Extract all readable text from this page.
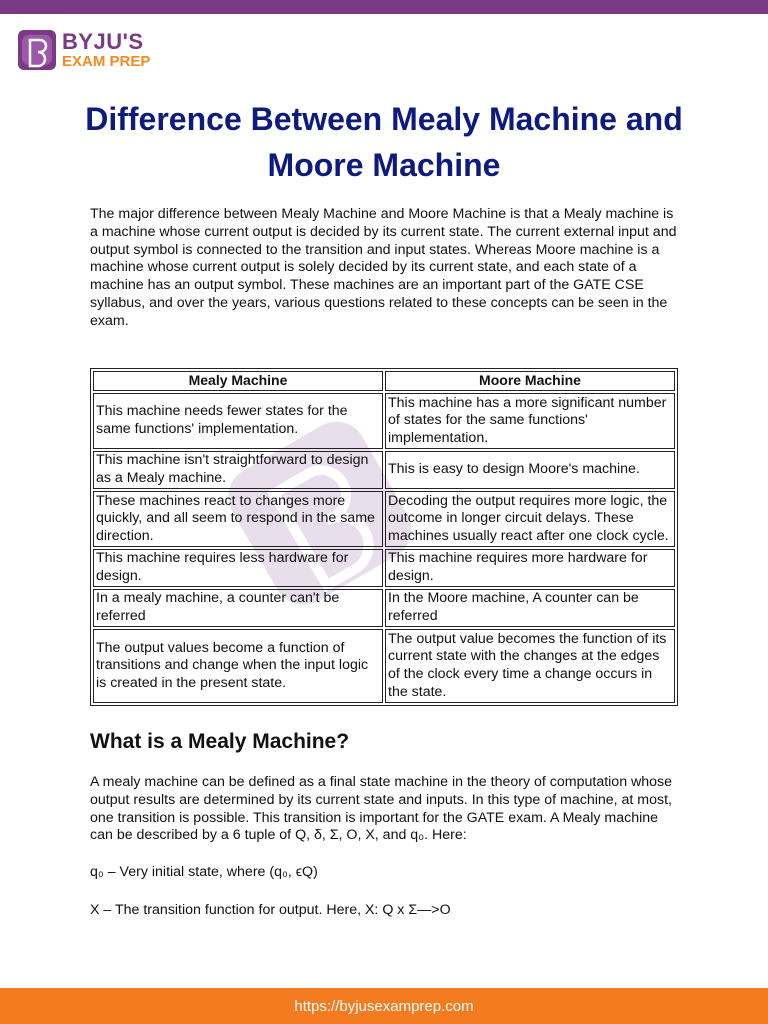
BYJU'S
EXAM PREP
Difference Between Mealy Machine and Moore Machine

The major difference between Mealy Machine and Moore Machine is that a Mealy machine is a machine whose current output is decided by its current state. The current external input and output symbol is connected to the transition and input states. Whereas Moore machine is a machine whose current output is solely decided by its current state, and each state of a machine has an output symbol. These machines are an important part of the GATE CSE syllabus, and over the years, various questions related to these concepts can be seen in the exam.

Mealy Machine	Moore Machine
This machine needs fewer states for the same functions' implementation.	This machine has a more significant number of states for the same functions' implementation.
This machine isn't straightforward to design as a Mealy machine.	This is easy to design Moore's machine.
These machines react to changes more quickly, and all seem to respond in the same direction.	Decoding the output requires more logic, the outcome in longer circuit delays. These machines usually react after one clock cycle.
This machine requires less hardware for design.	This machine requires more hardware for design.
In a mealy machine, a counter can't be referred	In the Moore machine, A counter can be referred
The output values become a function of transitions and change when the input logic is created in the present state.	The output value becomes the function of its current state with the changes at the edges of the clock every time a change occurs in the state.
What is a Mealy Machine?

A mealy machine can be defined as a final state machine in the theory of computation whose output results are determined by its current state and inputs. In this type of machine, at most, one transition is possible. This transition is important for the GATE exam. A Mealy machine can be described by a 6 tuple of Q, δ, Σ, O, X, and q₀. Here:

q₀ – Very initial state, where (q₀, ϵQ)

X – The transition function for output. Here, X: Q x Σ—>O

https://byjusexamprep.com
